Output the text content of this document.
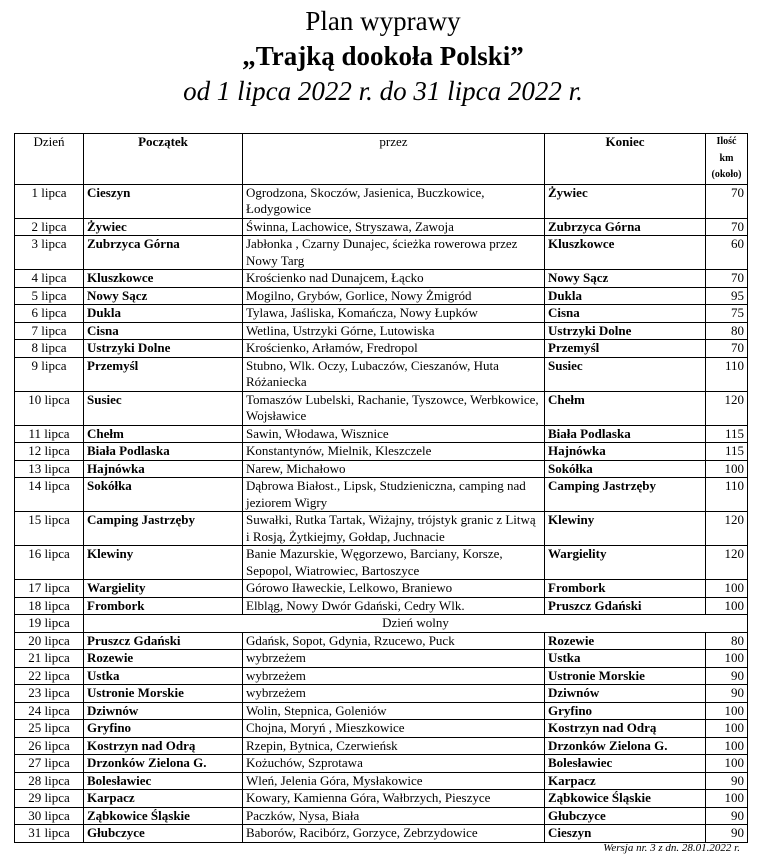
Plan wyprawy
„Trajką dookoła Polski”
od 1 lipca 2022 r. do 31 lipca 2022 r.
Dzień	Początek	przez	Koniec	Ilość
km
(około)

1 lipca	Cieszyn	Ogrodzona, Skoczów, Jasienica, Buczkowice, Łodygowice	Żywiec	70
2 lipca	Żywiec	Świnna, Lachowice, Stryszawa, Zawoja	Zubrzyca Górna	70
3 lipca	Zubrzyca Górna	Jabłonka , Czarny Dunajec, ścieżka rowerowa przez Nowy Targ	Kluszkowce	60
4 lipca	Kluszkowce	Krościenko nad Dunajcem, Łącko	Nowy Sącz	70
5 lipca	Nowy Sącz	Mogilno, Grybów, Gorlice, Nowy Żmigród	Dukla	95
6 lipca	Dukla	Tylawa, Jaśliska, Komańcza, Nowy Łupków	Cisna	75
7 lipca	Cisna	Wetlina, Ustrzyki Górne, Lutowiska	Ustrzyki Dolne	80
8 lipca	Ustrzyki Dolne	Krościenko, Arłamów, Fredropol	Przemyśl	70
9 lipca	Przemyśl	Stubno, Wlk. Oczy, Lubaczów, Cieszanów, Huta Różaniecka	Susiec	110
10 lipca	Susiec	Tomaszów Lubelski, Rachanie, Tyszowce, Werbkowice, Wojsławice	Chełm	120
11 lipca	Chełm	Sawin, Włodawa, Wisznice	Biała Podlaska	115
12 lipca	Biała Podlaska	Konstantynów, Mielnik, Kleszczele	Hajnówka	115
13 lipca	Hajnówka	Narew, Michałowo	Sokółka	100
14 lipca	Sokółka	Dąbrowa Białost., Lipsk, Studzieniczna, camping nad jeziorem Wigry	Camping Jastrzęby	110
15 lipca	Camping Jastrzęby	Suwałki, Rutka Tartak, Wiżajny, trójstyk granic z Litwą i Rosją, Żytkiejmy, Gołdap, Juchnacie	Klewiny	120
16 lipca	Klewiny	Banie Mazurskie, Węgorzewo, Barciany, Korsze, Sepopol, Wiatrowiec, Bartoszyce	Wargielity	120
17 lipca	Wargielity	Górowo Iławeckie, Lelkowo, Braniewo	Frombork	100
18 lipca	Frombork	Elbląg, Nowy Dwór Gdański, Cedry Wlk.	Pruszcz Gdański	100
19 lipca	Dzień wolny			
20 lipca	Pruszcz Gdański	Gdańsk, Sopot, Gdynia, Rzucewo, Puck	Rozewie	80
21 lipca	Rozewie	wybrzeżem	Ustka	100
22 lipca	Ustka	wybrzeżem	Ustronie Morskie	90
23 lipca	Ustronie Morskie	wybrzeżem	Dziwnów	90
24 lipca	Dziwnów	Wolin, Stepnica, Goleniów	Gryfino	100
25 lipca	Gryfino	Chojna, Moryń , Mieszkowice	Kostrzyn nad Odrą	100
26 lipca	Kostrzyn nad Odrą	Rzepin, Bytnica, Czerwieńsk	Drzonków Zielona G.	100
27 lipca	Drzonków Zielona G.	Kożuchów, Szprotawa	Bolesławiec	100
28 lipca	Bolesławiec	Wleń, Jelenia Góra, Mysłakowice	Karpacz	90
29 lipca	Karpacz	Kowary, Kamienna Góra, Wałbrzych, Pieszyce	Ząbkowice Śląskie	100
30 lipca	Ząbkowice Śląskie	Paczków, Nysa, Biała	Głubczyce	90
31 lipca	Głubczyce	Baborów, Racibórz, Gorzyce, Zebrzydowice	Cieszyn	90
Wersja nr. 3 z dn. 28.01.2022 r.
